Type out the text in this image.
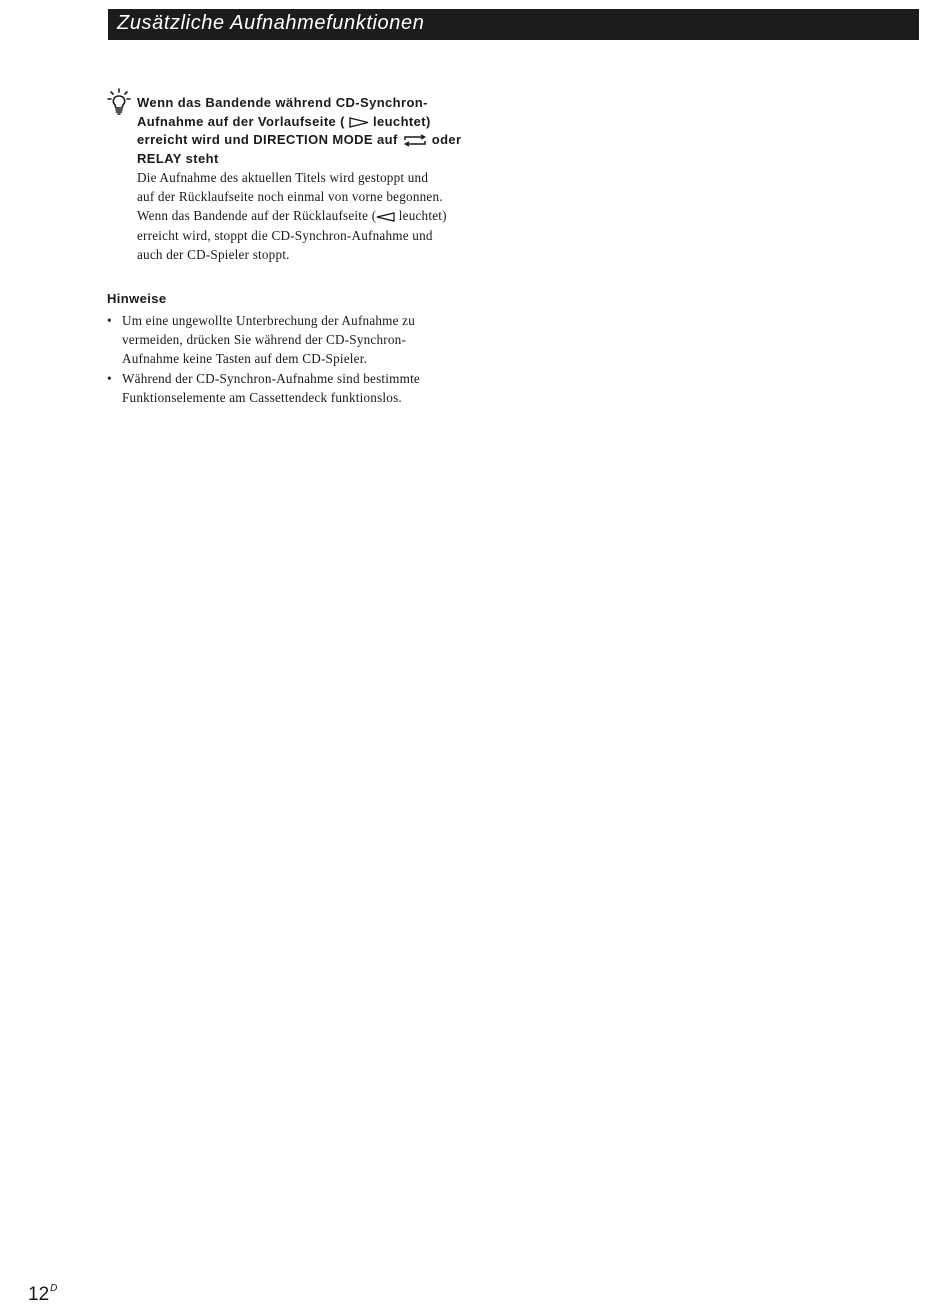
Zusätzliche Aufnahmefunktionen
Wenn das Bandende während CD-Synchron-
Aufnahme auf der Vorlaufseite ( leuchtet)
erreicht wird und DIRECTION MODE auf	oder
RELAY steht
Die Aufnahme des aktuellen Titels wird gestoppt und
auf der Rücklaufseite noch einmal von vorne begonnen.
Wenn das Bandende auf der Rücklaufseite ( leuchtet)
erreicht wird, stoppt die CD-Synchron-Aufnahme und
auch der CD-Spieler stoppt.
Hinweise
• Um eine ungewollte Unterbrechung der Aufnahme zu
vermeiden, drücken Sie während der CD-Synchron-
Aufnahme keine Tasten auf dem CD-Spieler.
• Während der CD-Synchron-Aufnahme sind bestimmte
Funktionselemente am Cassettendeck funktionslos.
$12^D$
